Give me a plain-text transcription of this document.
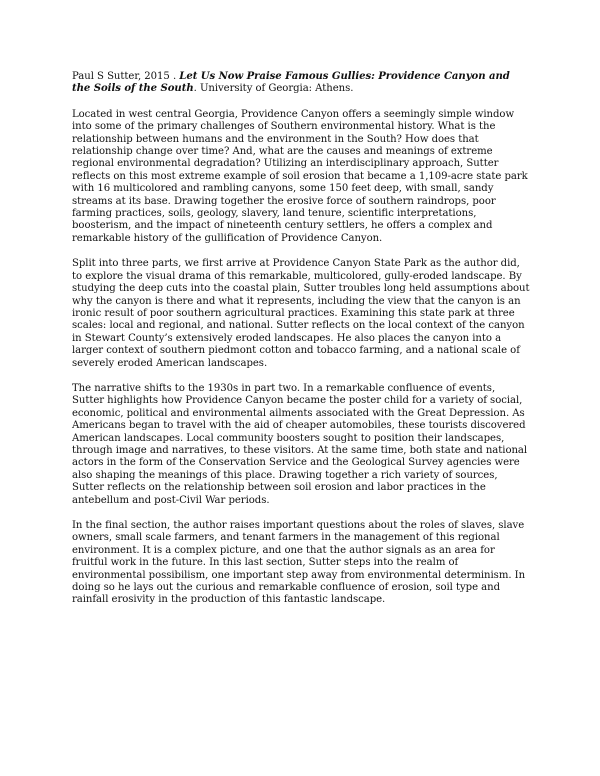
Paul S Sutter, 2015 . Let Us Now Praise Famous Gullies: Providence Canyon and the Soils of the South. University of Georgia: Athens.

Located in west central Georgia, Providence Canyon offers a seemingly simple window into some of the primary challenges of Southern environmental history. What is the relationship between humans and the environment in the South? How does that relationship change over time? And, what are the causes and meanings of extreme regional environmental degradation? Utilizing an interdisciplinary approach, Sutter reflects on this most extreme example of soil erosion that became a 1,109-acre state park with 16 multicolored and rambling canyons, some 150 feet deep, with small, sandy streams at its base. Drawing together the erosive force of southern raindrops, poor farming practices, soils, geology, slavery, land tenure, scientific interpretations, boosterism, and the impact of nineteenth century settlers, he offers a complex and remarkable history of the gullification of Providence Canyon.

Split into three parts, we first arrive at Providence Canyon State Park as the author did, to explore the visual drama of this remarkable, multicolored, gully-eroded landscape. By studying the deep cuts into the coastal plain, Sutter troubles long held assumptions about why the canyon is there and what it represents, including the view that the canyon is an ironic result of poor southern agricultural practices. Examining this state park at three scales: local and regional, and national. Sutter reflects on the local context of the canyon in Stewart County’s extensively eroded landscapes. He also places the canyon into a larger context of southern piedmont cotton and tobacco farming, and a national scale of severely eroded American landscapes.

The narrative shifts to the 1930s in part two. In a remarkable confluence of events, Sutter highlights how Providence Canyon became the poster child for a variety of social, economic, political and environmental ailments associated with the Great Depression. As Americans began to travel with the aid of cheaper automobiles, these tourists discovered American landscapes. Local community boosters sought to position their landscapes, through image and narratives, to these visitors. At the same time, both state and national actors in the form of the Conservation Service and the Geological Survey agencies were also shaping the meanings of this place. Drawing together a rich variety of sources, Sutter reflects on the relationship between soil erosion and labor practices in the antebellum and post-Civil War periods.

In the final section, the author raises important questions about the roles of slaves, slave owners, small scale farmers, and tenant farmers in the management of this regional environment. It is a complex picture, and one that the author signals as an area for fruitful work in the future. In this last section, Sutter steps into the realm of environmental possibilism, one important step away from environmental determinism. In doing so he lays out the curious and remarkable confluence of erosion, soil type and rainfall erosivity in the production of this fantastic landscape.
